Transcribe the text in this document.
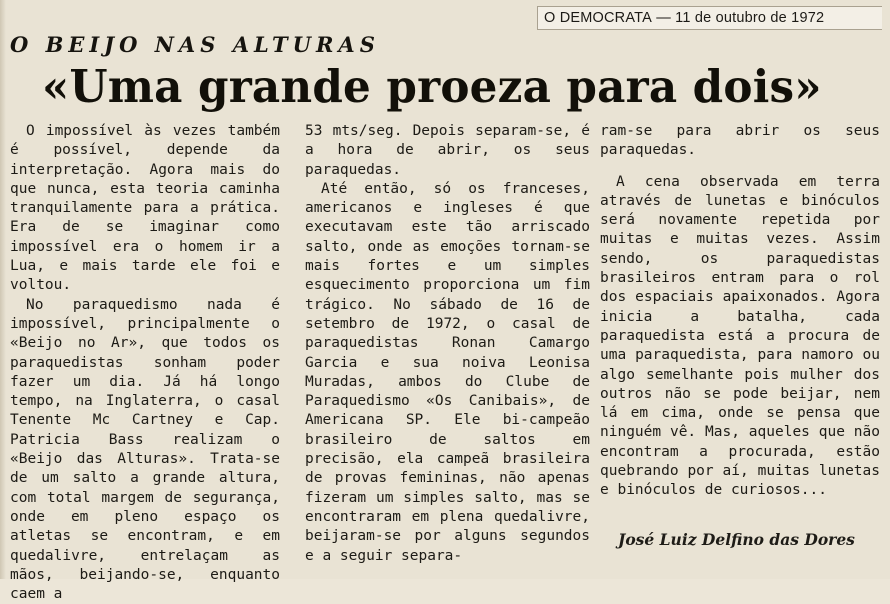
O DEMOCRATA
—
11 de outubro de 1972
O BEIJO NAS ALTURAS
«Uma grande proeza para dois»

O impossível às vezes também é possível, depende da interpretação. Agora mais do que nunca, esta teoria caminha tranquilamente para a prática. Era de se imaginar como impossível era o homem ir a Lua, e mais tarde ele foi e voltou.

No paraquedismo nada é impossível, principalmente o «Beijo no Ar», que todos os paraquedistas sonham poder fazer um dia. Já há longo tempo, na Inglaterra, o casal Tenente Mc Cartney e Cap. Patricia Bass realizam o «Beijo das Alturas». Trata-se de um salto a grande altura, com total margem de segurança, onde em pleno espaço os atletas se encontram, e em quedalivre, entrelaçam as mãos, beijando-se, enquanto caem a

53 mts/seg. Depois separam-se, é a hora de abrir, os seus paraquedas.

Até então, só os franceses, americanos e ingleses é que executavam este tão arriscado salto, onde as emoções tornam-se mais fortes e um simples esquecimento proporciona um fim trágico. No sábado de 16 de setembro de 1972, o casal de paraquedistas Ronan Camargo Garcia e sua noiva Leonisa Muradas, ambos do Clube de Paraquedismo «Os Canibais», de Americana SP. Ele bi-campeão brasileiro de saltos em precisão, ela campeã brasileira de provas femininas, não apenas fizeram um simples salto, mas se encontraram em plena quedalivre, beijaram-se por alguns segundos e a seguir separa-

ram-se para abrir os seus paraquedas.

A cena observada em terra através de lunetas e binóculos será novamente repetida por muitas e muitas vezes. Assim sendo, os paraquedistas brasileiros entram para o rol dos espaciais apaixonados. Agora inicia a batalha, cada paraquedista está a procura de uma paraquedista, para namoro ou algo semelhante pois mulher dos outros não se pode beijar, nem lá em cima, onde se pensa que ninguém vê. Mas, aqueles que não encontram a procurada, estão quebrando por aí, muitas lunetas e binóculos de curiosos...

José Luiz Delfino das Dores
